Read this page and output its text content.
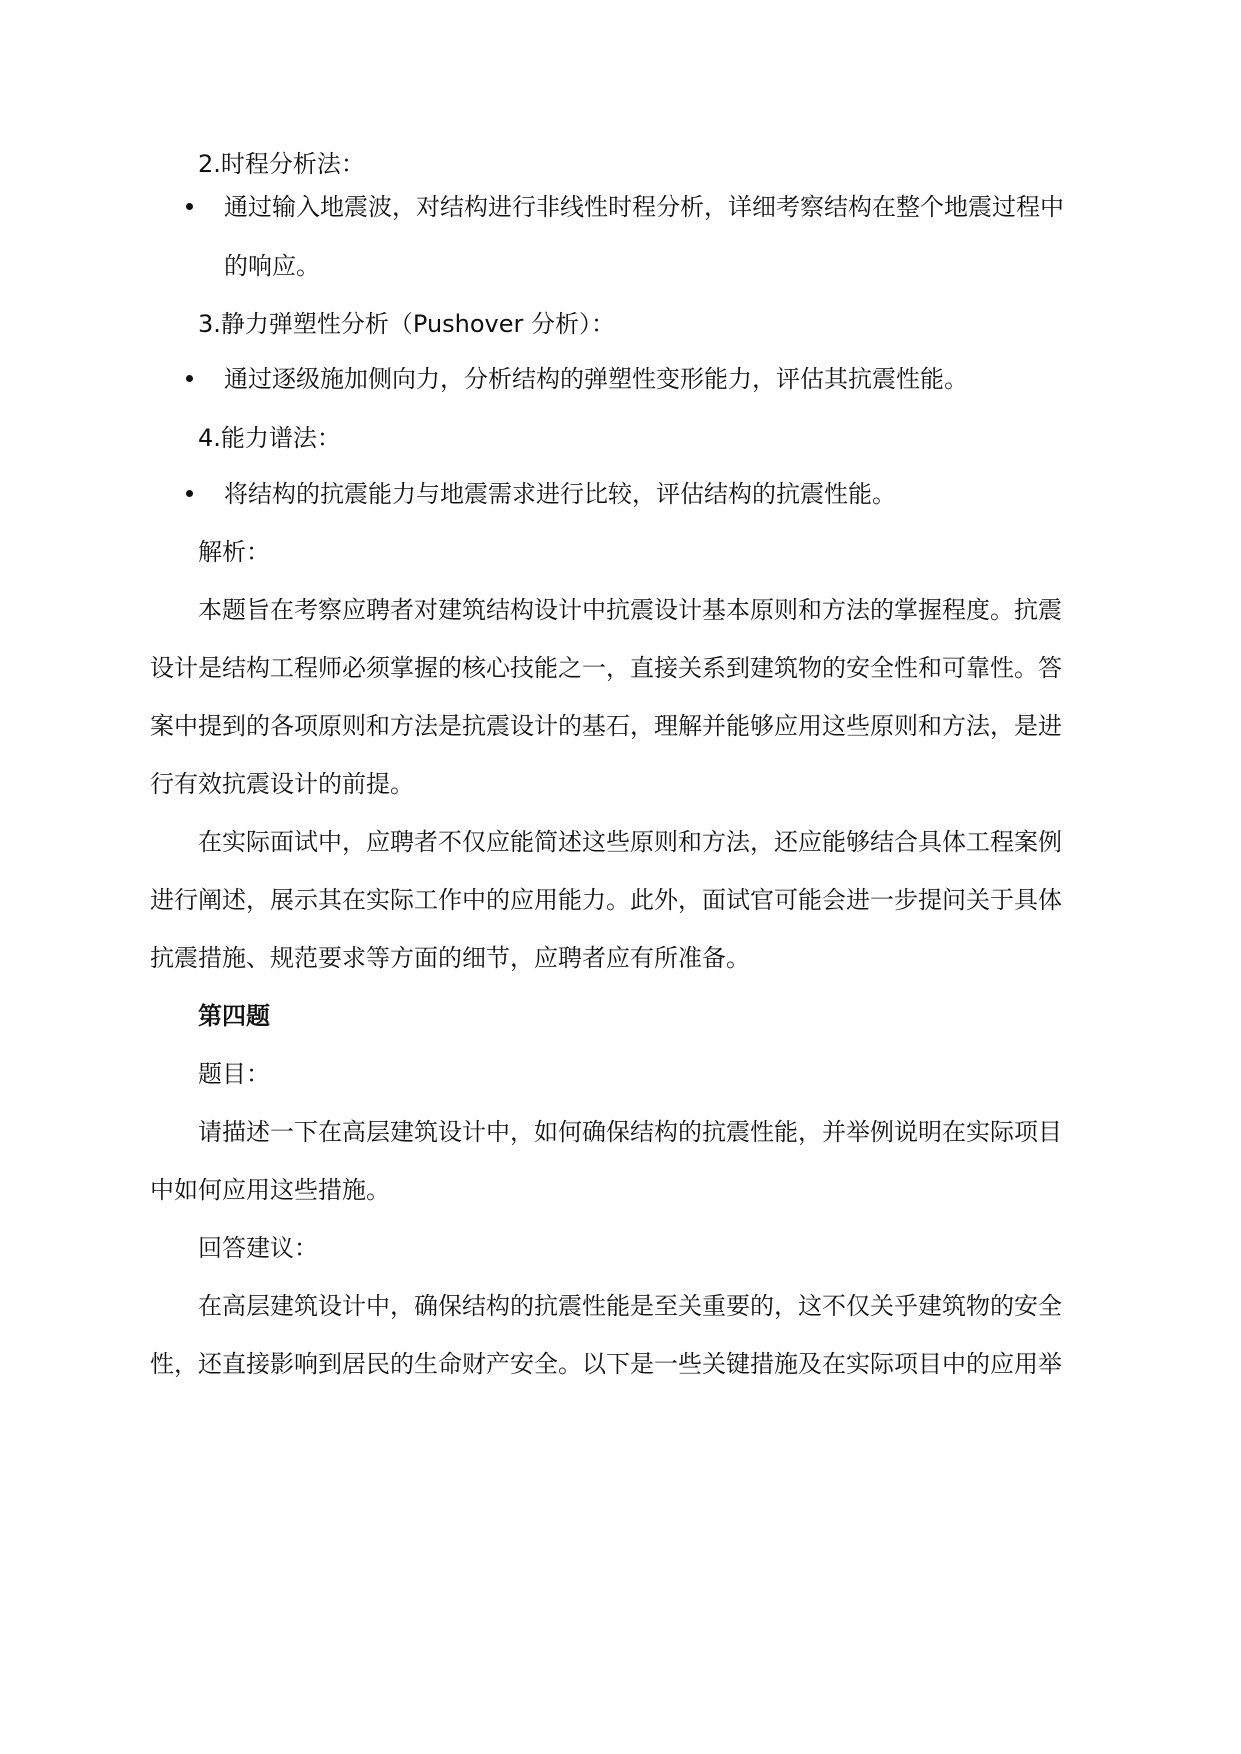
2.时程分析法：
通过输入地震波，对结构进行非线性时程分析，详细考察结构在整个地震过程中
的响应。
3.静力弹塑性分析（Pushover 分析）：
通过逐级施加侧向力，分析结构的弹塑性变形能力，评估其抗震性能。
4.能力谱法：
将结构的抗震能力与地震需求进行比较，评估结构的抗震性能。
解析：
本题旨在考察应聘者对建筑结构设计中抗震设计基本原则和方法的掌握程度。抗震
设计是结构工程师必须掌握的核心技能之一，直接关系到建筑物的安全性和可靠性。答
案中提到的各项原则和方法是抗震设计的基石，理解并能够应用这些原则和方法，是进
行有效抗震设计的前提。
在实际面试中，应聘者不仅应能简述这些原则和方法，还应能够结合具体工程案例
进行阐述，展示其在实际工作中的应用能力。此外，面试官可能会进一步提问关于具体
抗震措施、规范要求等方面的细节，应聘者应有所准备。
第四题
题目：
请描述一下在高层建筑设计中，如何确保结构的抗震性能，并举例说明在实际项目
中如何应用这些措施。
回答建议：
在高层建筑设计中，确保结构的抗震性能是至关重要的，这不仅关乎建筑物的安全
性，还直接影响到居民的生命财产安全。以下是一些关键措施及在实际项目中的应用举
